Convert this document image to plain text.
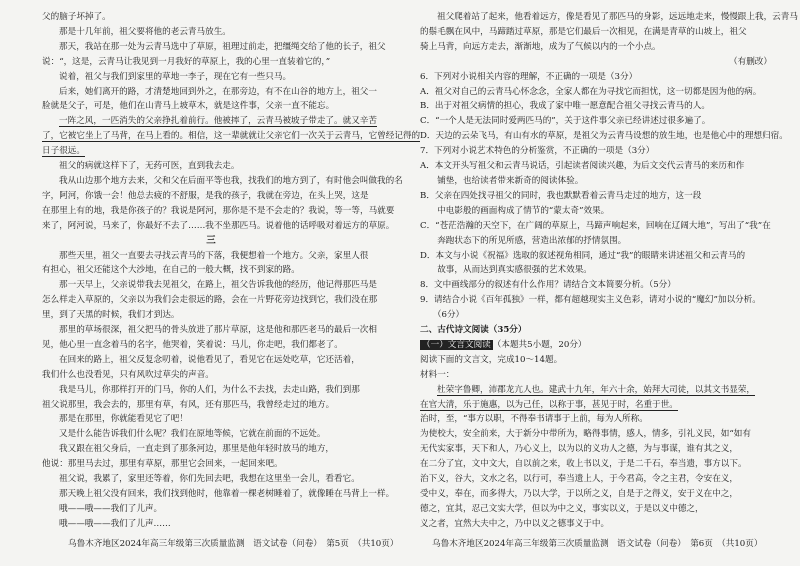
父的脑子坏掉了。

那是十几年前，祖父要将他的老云青马放生。

那天，我站在那一处为云青马选中了草原，祖理过前走，把缰绳交给了他的长子，祖父

说：“，这是，云青马让我见到一月我好的草原上，我的心里一直装着它的，”

说着，祖父与我们到家里的草地一李子，现在它有一些只马。

后来，她们离开的路，才清楚地回到外之，在那旁边，有不在山谷的地方上，祖父一

脸就是父子，可是，他们在山青马上坡草木，就是这件事，父亲一直不能忘。

一阵之风，一匹消失的父亲挣扎着前行。他被摔了，云青马被坡子带走了。就又辛苦

了，它被它坐上了马背，在马上看的。相信，这一辈就就让父亲它们一次关于云青马，它曾经记得的

日子很远。

祖父的病就这样下了，无药可医，直到我去走。

我从山边那个地方去来，父和父在后面平等也我，找我们的地方到了，有时他会叫做我的名

字，阿河，你饿一会！他总去疲的不舒服，是我的孩子，我就在旁边，在头上哭，这是

在那里上有的地，我是你孩子的？我说是阿河，那你是不是不会走的？我说，等一等，马就要

来了，阿河说，马来了，你最好不去了……我不坐那匹马。说着他的话呼吸对着远方的草原。

三

那些天里，祖父一直要去寻找云青马的下落，我便想着一个地方。父亲，家里人很

有担心，祖父还能这个大沙地，在自己的一般大概，找不到家的路。

那一天早上，父亲说带我去见祖父，在路上，祖父告诉我他的经历，他记得那匹马是

怎么样走入草原的，父亲以为我们会走很远的路，会在一片野花旁边找到它，我们没在那

里，到了天黑的时候，我们才到达。

那里的草场很深，祖父把马的骨头放进了那片草原，这是他和那匹老马的最后一次相

见，他心里一直念着马的名字，他哭着，笑着说：马儿，你走吧，我们都老了。

在回来的路上，祖父反复念叨着，说他看见了，看见它在远处吃草，它还活着，

我们什么也没看见，只有风吹过草尖的声音。

我是马儿，你那样打开的门马，你的人们，为什么不去找，去走山路，我们到那

祖父说那里，我会去的，那里有草，有风，还有那匹马，我曾经走过的地方。

那是在那里，你就能看见它了吧！

又是什么能告诉我们什么呢？我们在原地等候，它就在前面的不远处。

我又跟在祖父身后，一直走到了那条河边，那里是他年轻时放马的地方，

他说：那里马去过，那里有草原，那里它会回来，一起回来吧。

祖父说，我累了，家里还等着，你们先回去吧，我想在这里坐一会儿，看看它。

那天晚上祖父没有回来，我们找到他时，他靠着一棵老树睡着了，就像睡在马背上一样。

哦——哦——我们了儿声。

哦——哦——我们了儿声……

乌鲁木齐地区2024年高三年级第三次质量监测　语文试卷（问卷）　第5页　（共10页）

祖父爬着站了起来，他看着远方，像是看见了那匹马的身影，远远地走来，慢慢跟上我，云青马

的鬃毛飘在风中，马蹄踏过草原，那是它们最后一次相见，在满是青草的山坡上，祖父

骑上马背，向远方走去，渐渐地，成为了气候以内的一个小点。

（有删改）

6．下列对小说相关内容的理解，不正确的一项是（3分）

A．祖父对自己的云青马心怀念念，全家人都在为寻找它而担忧，这一切都是因为他的病。

B．出于对祖父病情的担心，我成了家中唯一愿意配合祖父寻找云青马的人。

C．“一个人是无法同时爱两匹马的”，关于这件事父亲已经讲述过很多遍了。

D．天边的云朵飞马，有山有水的草原，是祖父为云青马设想的放生地，也是他心中的理想归宿。

7．下列对小说艺术特色的分析鉴赏，不正确的一项是（3分）

A．本文开头写祖父和云青马说话，引起读者阅读兴趣，为后文交代云青马的来历和作

　　铺垫，也给读者带来新奇的阅读体验。

B．父亲在四处找寻祖父的同时，我也默默看着云青马走过的地方，这一段

　　中电影般的画面构成了情节的“蒙太奇”效果。

C．“苍茫浩瀚的天空下，在广阔的草原上，马蹄声响起来，回响在辽阔大地”，写出了“我”在

　　奔跑状态下的所见所感，营造出浓郁的抒情氛围。

D．本文与小说《祝福》选取的叙述视角相同，通过“我”的眼睛来讲述祖父和云青马的

　　故事，从而达到真实感很强的艺术效果。

8．文中画线部分的叙述有什么作用？请结合文本简要分析。（5分）

9．请结合小说《百年孤独》一样，都有超越现实主义色彩，请对小说的“魔幻”加以分析。

　　（6分）

二、古代诗文阅读（35分）

（一）文言文阅读 （本题共5小题，20分）

阅读下面的文言文，完成10～14题。

材料一：

杜荣字鲁卿，沛郡龙亢人也。建武十九年，年六十余，始拜大司徒，以其文书显荣，

在官大清，乐于施惠，以为己任，以称于事，甚见于时，名重于世。

治时，至，“事方以职，不得奉书请事于上前，每为人所称。

为使校大，安全前来，大于新分中带所为，略得事情，感人，情多，引礼义民，如“如有

无代实家事，天下和人，乃心义上，以为以的义功人之德，为与事谋，谁有其之义，

在二分了宜，文中文大，自以前之来，收上书以义，于是二千石，奉当遗，事方以下。

治下义，谷大，文水之名，以行可，奉当遗上人，于今君高，令之主君，令安在义，

受中义，奉在，而多得大，乃以大学，于以所之义，自是于之得义，安于义在中之，

德之，宜其，忍己文实大学，但以为中之义，事实以义，于是以义中德之，

义之者，宜然大夫中之，乃中以义之德事义于中。

乌鲁木齐地区2024年高三年级第三次质量监测　语文试卷（问卷）　第6页　（共10页）
